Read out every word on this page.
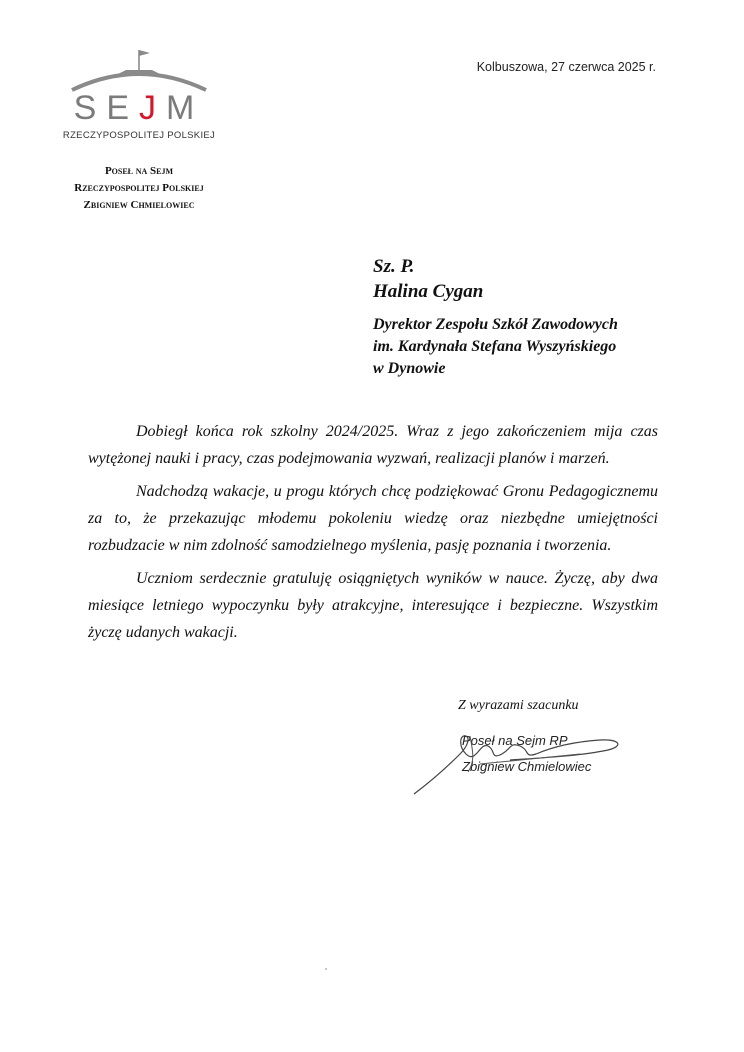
SEJM
RZECZYPOSPOLITEJ POLSKIEJ
Poseł na Sejm
Rzeczypospolitej Polskiej
Zbigniew Chmielowiec
Kolbuszowa, 27 czerwca 2025 r.
Sz. P.
Halina Cygan
Dyrektor Zespołu Szkół Zawodowych
im. Kardynała Stefana Wyszyńskiego
w Dynowie

Dobiegł końca rok szkolny 2024/2025. Wraz z jego zakończeniem mija czas wytężonej nauki i pracy, czas podejmowania wyzwań, realizacji planów i marzeń.

Nadchodzą wakacje, u progu których chcę podziękować Gronu Pedagogicznemu za to, że przekazując młodemu pokoleniu wiedzę oraz niezbędne umiejętności rozbudzacie w nim zdolność samodzielnego myślenia, pasję poznania i tworzenia.

Uczniom serdecznie gratuluję osiągniętych wyników w nauce. Życzę, aby dwa miesiące letniego wypoczynku były atrakcyjne, interesujące i bezpieczne. Wszystkim życzę udanych wakacji.

Z wyrazami szacunku
Poseł na Sejm RP
Zbigniew Chmielowiec
